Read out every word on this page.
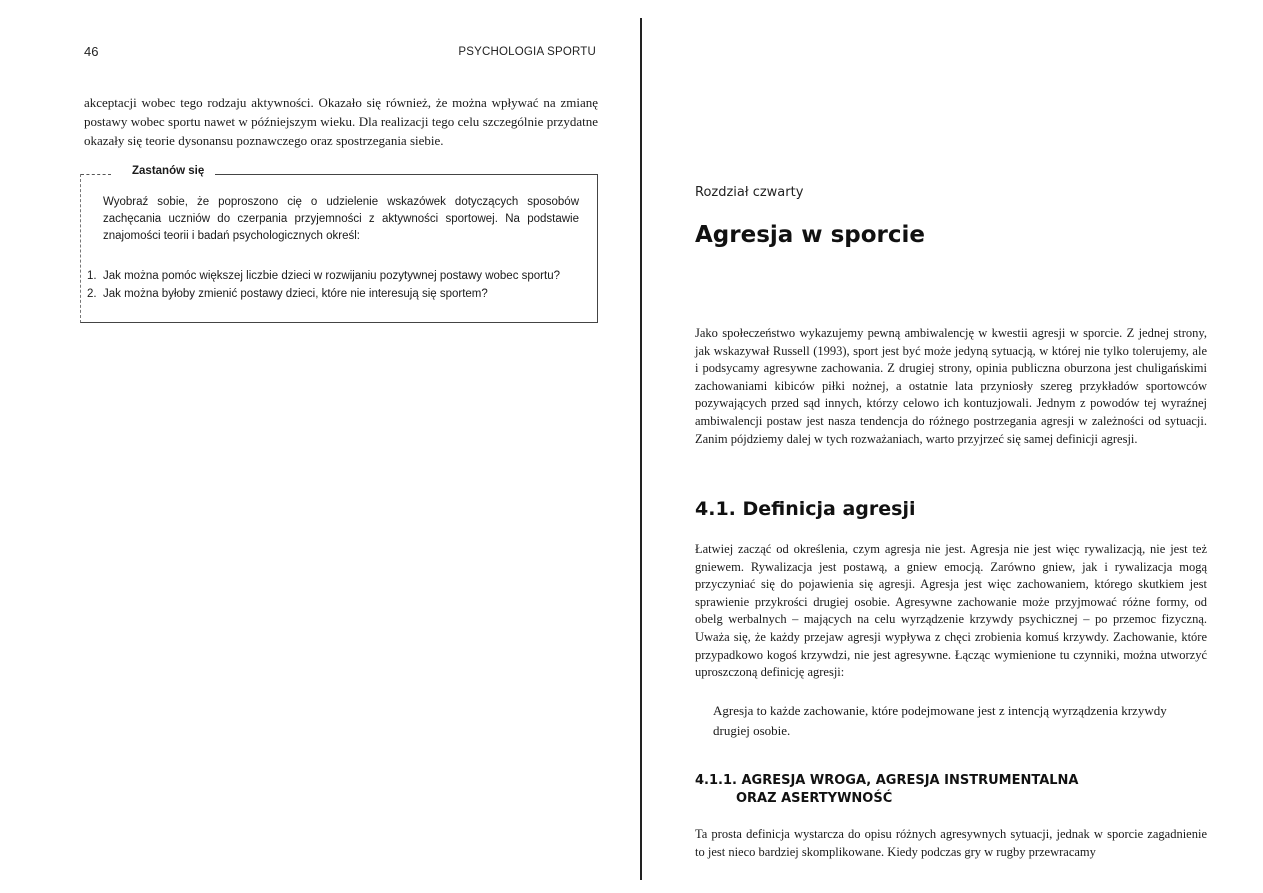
46	PSYCHOLOGIA SPORTU

akceptacji wobec tego rodzaju aktywności. Okazało się również, że można wpływać na zmianę postawy wobec sportu nawet w późniejszym wieku. Dla realizacji tego celu szczególnie przydatne okazały się teorie dysonansu poznawczego oraz spostrzegania siebie.

Zastanów się

Wyobraź sobie, że poproszono cię o udzielenie wskazówek dotyczących sposobów zachęcania uczniów do czerpania przyjemności z aktywności sportowej. Na podstawie znajomości teorii i badań psychologicznych określ:

1. Jak można pomóc większej liczbie dzieci w rozwijaniu pozytywnej postawy wobec sportu?
2. Jak można byłoby zmienić postawy dzieci, które nie interesują się sportem?
Rozdział czwarty
Agresja w sporcie

Jako społeczeństwo wykazujemy pewną ambiwalencję w kwestii agresji w sporcie. Z jednej strony, jak wskazywał Russell (1993), sport jest być może jedyną sytuacją, w której nie tylko tolerujemy, ale i podsycamy agresywne zachowania. Z drugiej strony, opinia publiczna oburzona jest chuligańskimi zachowaniami kibiców piłki nożnej, a ostatnie lata przyniosły szereg przykładów sportowców pozywających przed sąd innych, którzy celowo ich kontuzjowali. Jednym z powodów tej wyraźnej ambiwalencji postaw jest nasza tendencja do różnego postrzegania agresji w zależności od sytuacji. Zanim pójdziemy dalej w tych rozważaniach, warto przyjrzeć się samej definicji agresji.

4.1. Definicja agresji

Łatwiej zacząć od określenia, czym agresja nie jest. Agresja nie jest więc rywalizacją, nie jest też gniewem. Rywalizacja jest postawą, a gniew emocją. Zarówno gniew, jak i rywalizacja mogą przyczyniać się do pojawienia się agresji. Agresja jest więc zachowaniem, którego skutkiem jest sprawienie przykrości drugiej osobie. Agresywne zachowanie może przyjmować różne formy, od obelg werbalnych – mających na celu wyrządzenie krzywdy psychicznej – po przemoc fizyczną. Uważa się, że każdy przejaw agresji wypływa z chęci zrobienia komuś krzywdy. Zachowanie, które przypadkowo kogoś krzywdzi, nie jest agresywne. Łącząc wymienione tu czynniki, można utworzyć uproszczoną definicję agresji:

Agresja to każde zachowanie, które podejmowane jest z intencją wyrządzenia krzywdy drugiej osobie.

4.1.1. AGRESJA WROGA, AGRESJA INSTRUMENTALNA
ORAZ ASERTYWNOŚĆ

Ta prosta definicja wystarcza do opisu różnych agresywnych sytuacji, jednak w sporcie zagadnienie to jest nieco bardziej skomplikowane. Kiedy podczas gry w rugby przewracamy
